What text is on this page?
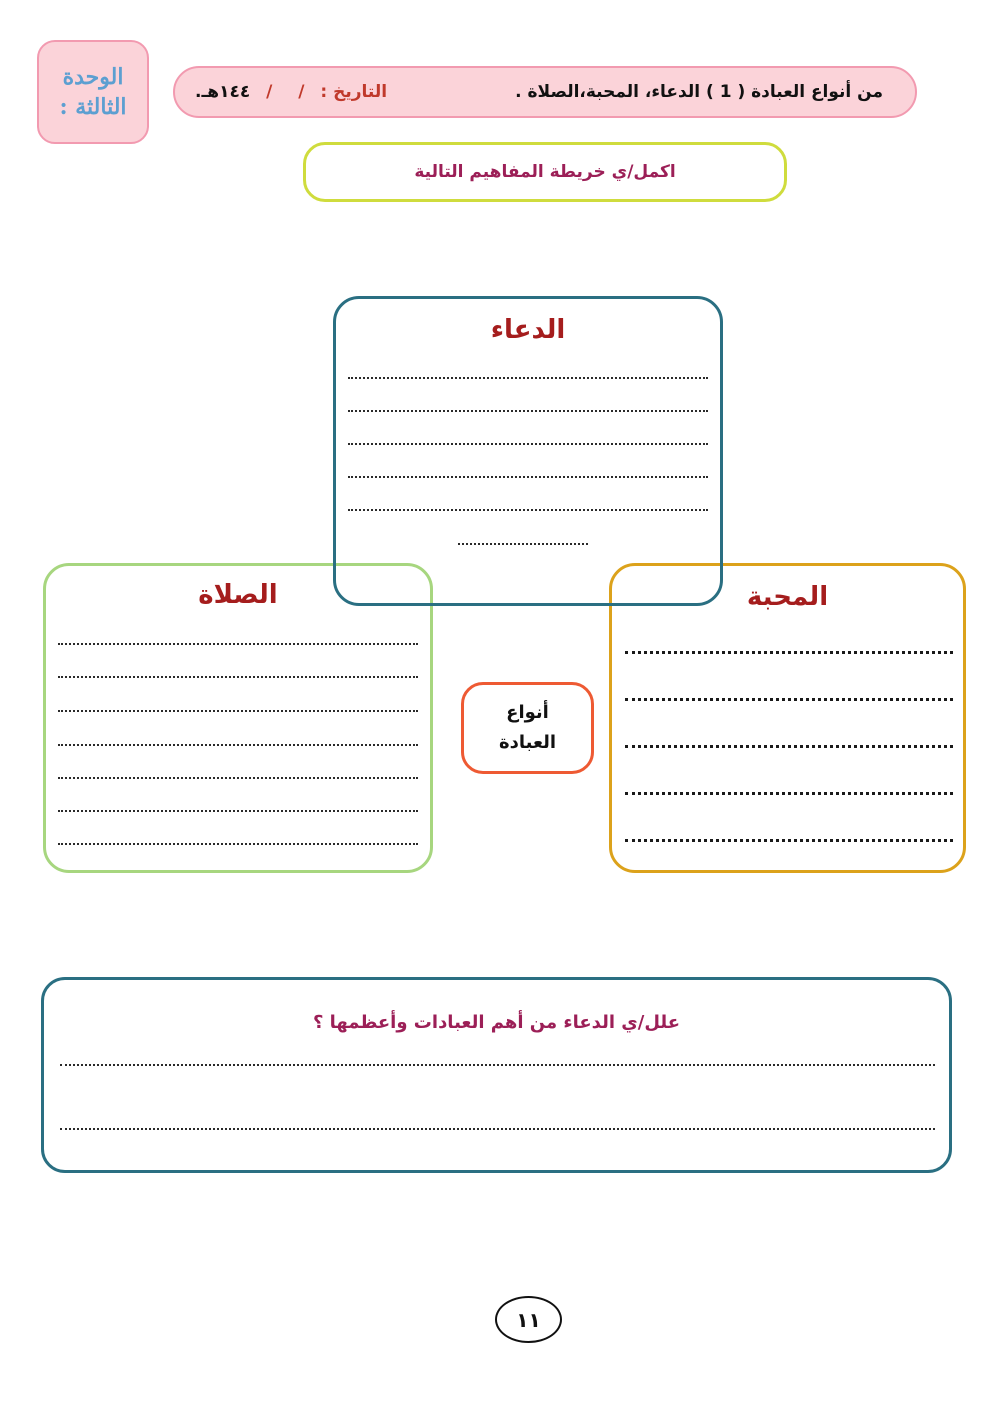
الوحدة
الثالثة :
من أنواع العبادة ( 1 ) الدعاء، المحبة،الصلاة .
التاريخ : / / ١٤٤هـ.
اكمل/ي خريطة المفاهيم التالية
الدعاء
الصلاة	المحبة
أنواع
العبادة
علل/ي الدعاء من أهم العبادات وأعظمها ؟
١١
